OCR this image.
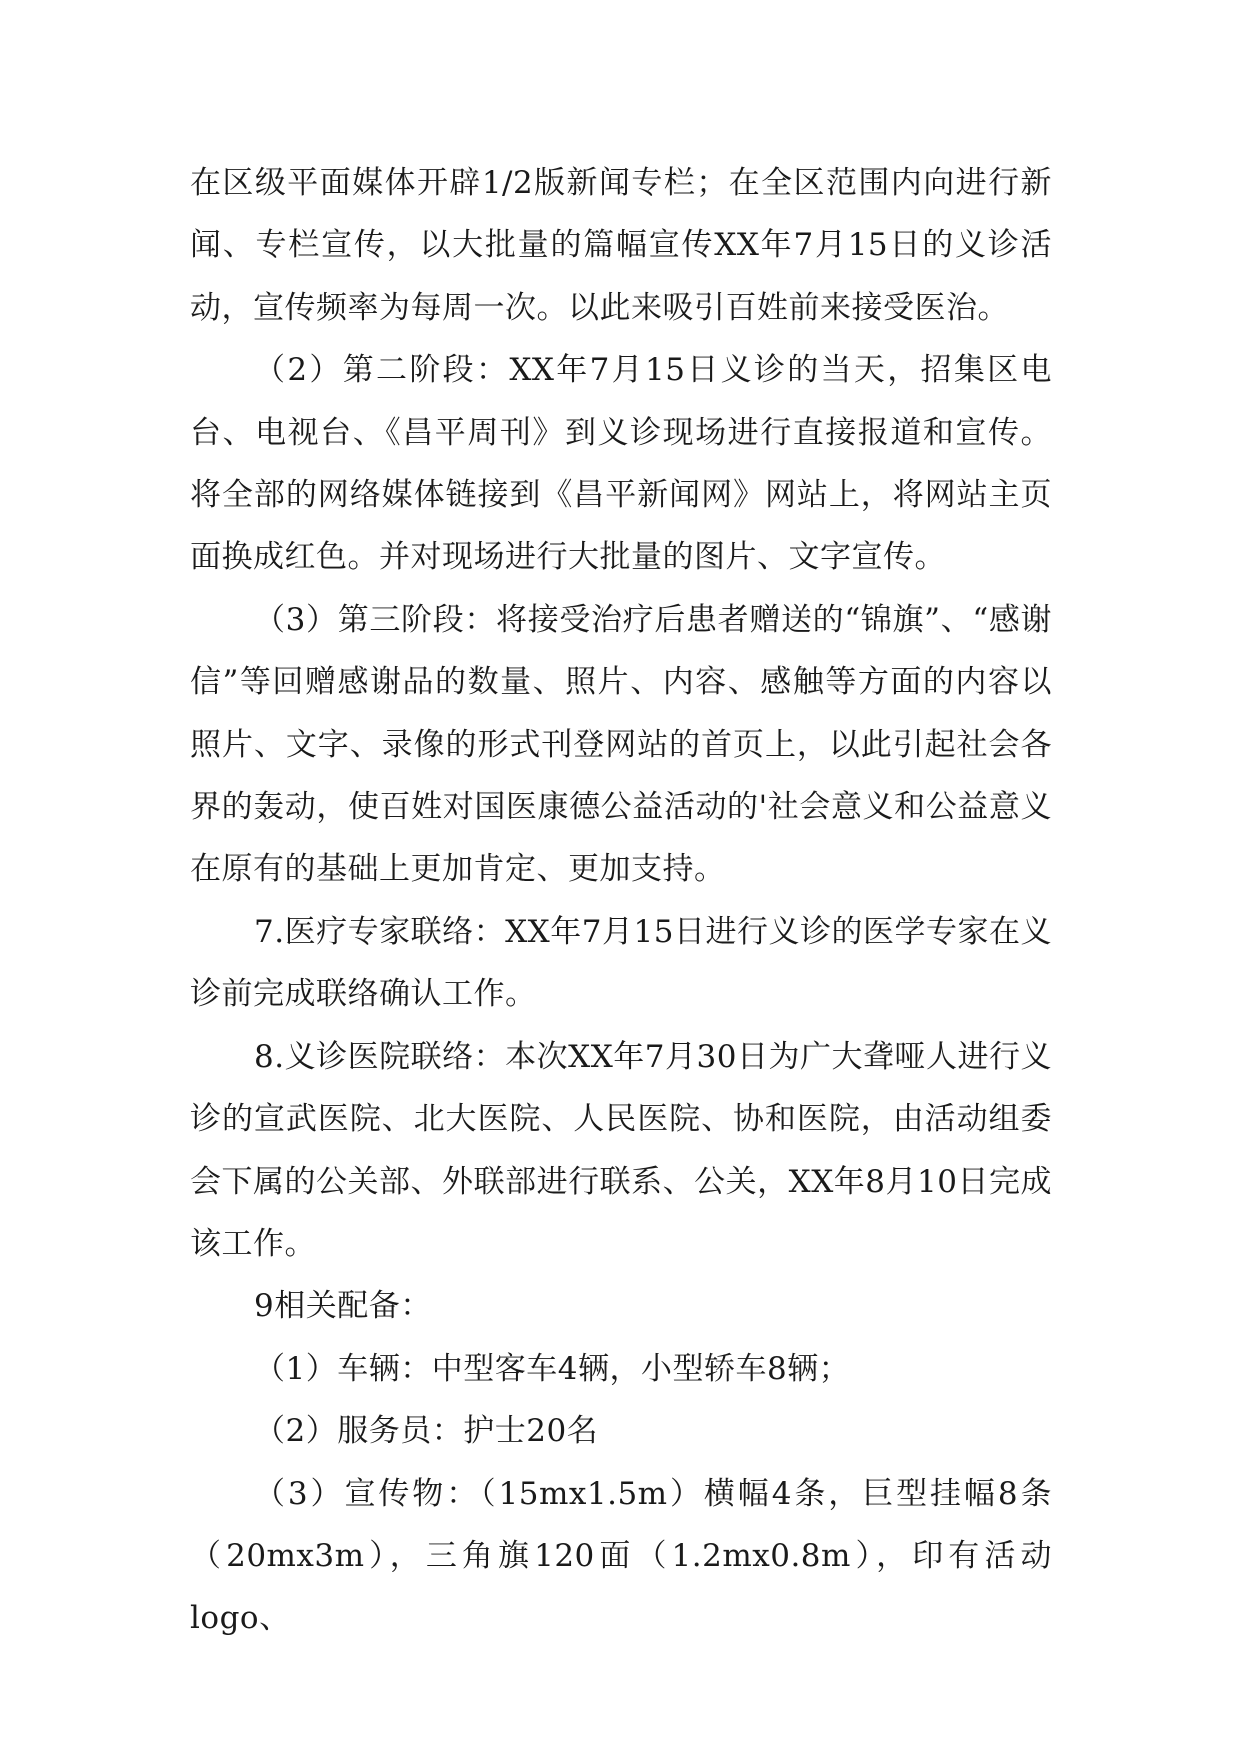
在区级平面媒体开辟1/2版新闻专栏；在全区范围内向进行新闻、专栏宣传，以大批量的篇幅宣传XX年7月15日的义诊活动，宣传频率为每周一次。以此来吸引百姓前来接受医治。

（2）第二阶段：XX年7月15日义诊的当天，招集区电台、电视台、《昌平周刊》到义诊现场进行直接报道和宣传。将全部的网络媒体链接到《昌平新闻网》网站上，将网站主页面换成红色。并对现场进行大批量的图片、文字宣传。

（3）第三阶段：将接受治疗后患者赠送的“锦旗”、“感谢信”等回赠感谢品的数量、照片、内容、感触等方面的内容以照片、文字、录像的形式刊登网站的首页上，以此引起社会各界的轰动，使百姓对国医康德公益活动的'社会意义和公益意义在原有的基础上更加肯定、更加支持。

7.医疗专家联络：XX年7月15日进行义诊的医学专家在义诊前完成联络确认工作。

8.义诊医院联络：本次XX年7月30日为广大聋哑人进行义诊的宣武医院、北大医院、人民医院、协和医院，由活动组委会下属的公关部、外联部进行联系、公关，XX年8月10日完成该工作。

9相关配备：

（1）车辆：中型客车4辆，小型轿车8辆；

（2）服务员：护士20名

（3）宣传物：（15mx1.5m）横幅4条，巨型挂幅8条（20mx3m），三角旗120面（1.2mx0.8m），印有活动logo、
